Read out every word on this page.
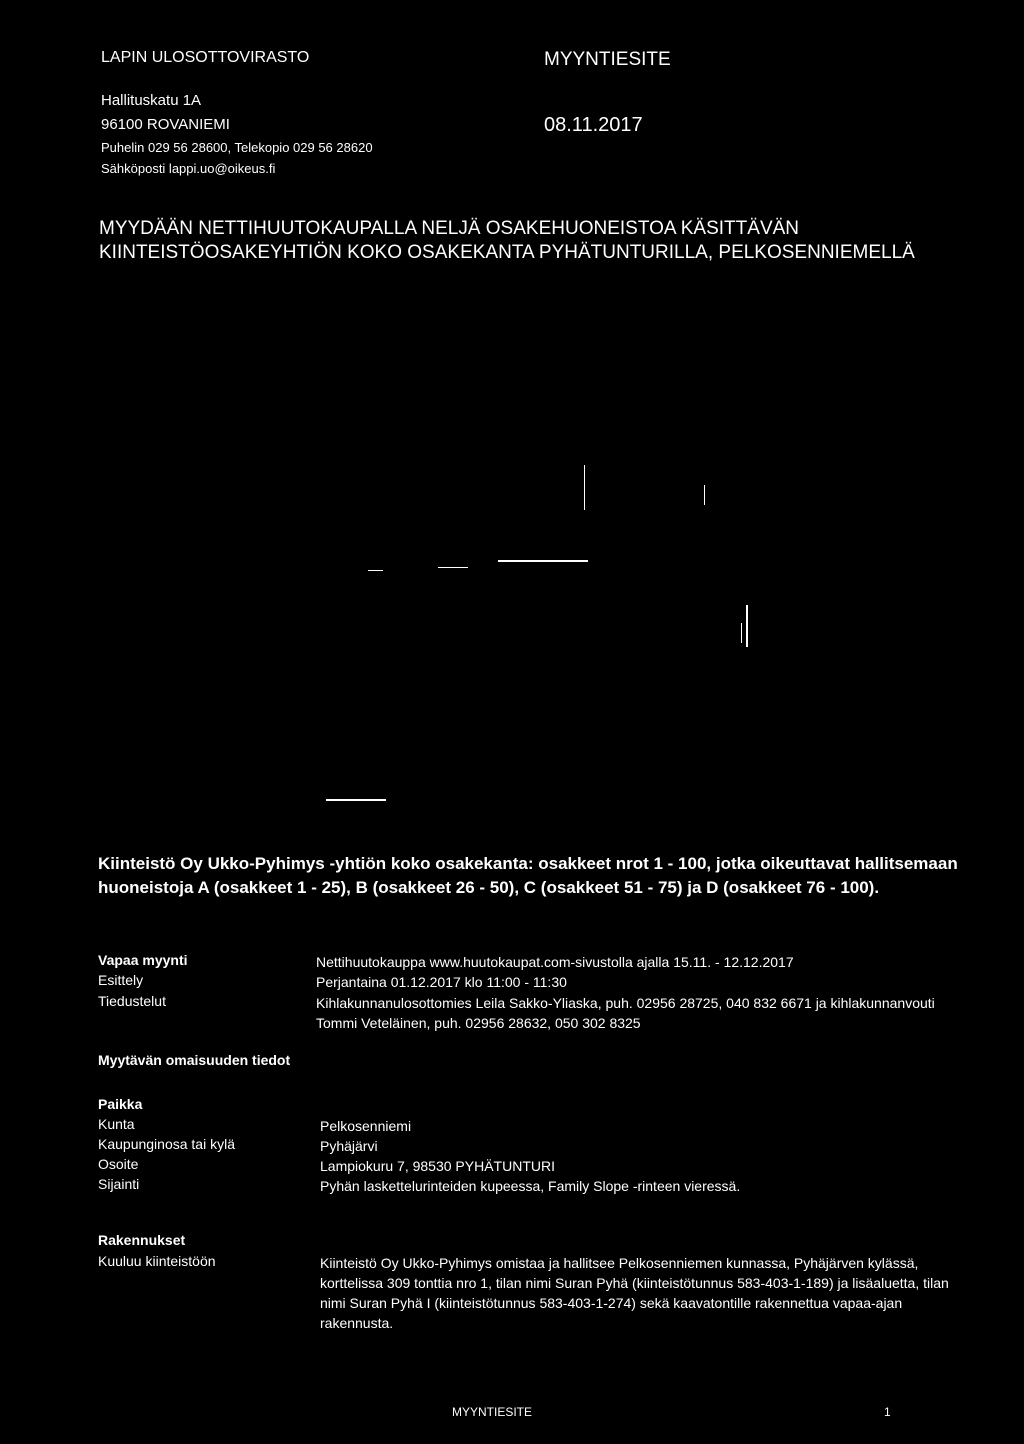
LAPIN ULOSOTTOVIRASTO	MYYNTIESITE
Hallituskatu 1A
96100 ROVANIEMI	08.11.2017
Puhelin 029 56 28600, Telekopio 029 56 28620
Sähköposti lappi.uo@oikeus.fi
MYYDÄÄN NETTIHUUTOKAUPALLA NELJÄ OSAKEHUONEISTOA KÄSITTÄVÄN KIINTEISTÖOSAKEYHTIÖN KOKO OSAKEKANTA PYHÄTUNTURILLA, PELKOSENNIEMELLÄ
Kiinteistö Oy Ukko-Pyhimys -yhtiön koko osakekanta: osakkeet nrot 1 - 100, jotka oikeuttavat hallitsemaan huoneistoja A (osakkeet 1 - 25), B (osakkeet 26 - 50), C (osakkeet 51 - 75) ja D (osakkeet 76 - 100).
Vapaa myynti	Nettihuutokauppa www.huutokaupat.com-sivustolla ajalla 15.11. - 12.12.2017
Esittely	Perjantaina 01.12.2017 klo 11:00 - 11:30
Tiedustelut	Kihlakunnanulosottomies Leila Sakko-Yliaska, puh. 02956 28725, 040 832 6671 ja kihlakunnanvouti Tommi Veteläinen, puh. 02956 28632, 050 302 8325
Myytävän omaisuuden tiedot
Paikka
Kunta	Pelkosenniemi
Kaupunginosa tai kylä	Pyhäjärvi
Osoite	Lampiokuru 7, 98530 PYHÄTUNTURI
Sijainti	Pyhän laskettelurinteiden kupeessa, Family Slope -rinteen vieressä.
Rakennukset
Kuuluu kiinteistöön	Kiinteistö Oy Ukko-Pyhimys omistaa ja hallitsee Pelkosenniemen kunnassa, Pyhäjärven kylässä, korttelissa 309 tonttia nro 1, tilan nimi Suran Pyhä (kiinteistötunnus 583-403-1-189) ja lisäaluetta, tilan nimi Suran Pyhä I (kiinteistötunnus 583-403-1-274) sekä kaavatontille rakennettua vapaa-ajan rakennusta.
MYYNTIESITE	1
